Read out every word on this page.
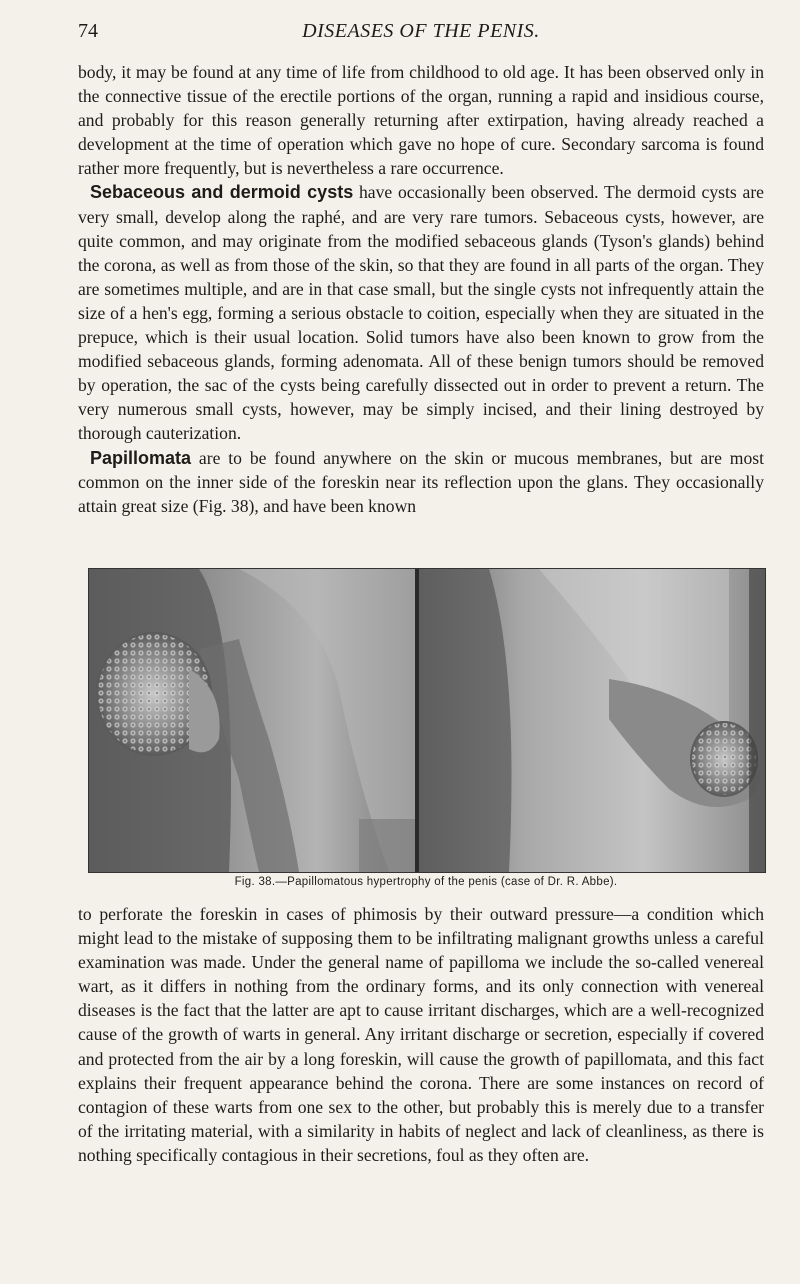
74	DISEASES OF THE PENIS.

body, it may be found at any time of life from childhood to old age. It has been observed only in the connective tissue of the erectile portions of the organ, running a rapid and insidious course, and probably for this reason generally returning after extirpation, having already reached a development at the time of operation which gave no hope of cure. Secondary sarcoma is found rather more frequently, but is nevertheless a rare occurrence.

Sebaceous and dermoid cysts have occasionally been observed. The dermoid cysts are very small, develop along the raphé, and are very rare tumors. Sebaceous cysts, however, are quite common, and may originate from the modified sebaceous glands (Tyson's glands) behind the corona, as well as from those of the skin, so that they are found in all parts of the organ. They are sometimes multiple, and are in that case small, but the single cysts not infrequently attain the size of a hen's egg, forming a serious obstacle to coition, especially when they are situated in the prepuce, which is their usual location. Solid tumors have also been known to grow from the modified sebaceous glands, forming adenomata. All of these benign tumors should be removed by operation, the sac of the cysts being carefully dissected out in order to prevent a return. The very numerous small cysts, however, may be simply incised, and their lining destroyed by thorough cauterization.

Papillomata are to be found anywhere on the skin or mucous membranes, but are most common on the inner side of the foreskin near its reflection upon the glans. They occasionally attain great size (Fig. 38), and have been known

Fig. 38.—Papillomatous hypertrophy of the penis (case of Dr. R. Abbe).

to perforate the foreskin in cases of phimosis by their outward pressure—a condition which might lead to the mistake of supposing them to be infiltrating malignant growths unless a careful examination was made. Under the general name of papilloma we include the so-called venereal wart, as it differs in nothing from the ordinary forms, and its only connection with venereal diseases is the fact that the latter are apt to cause irritant discharges, which are a well-recognized cause of the growth of warts in general. Any irritant discharge or secretion, especially if covered and protected from the air by a long foreskin, will cause the growth of papillomata, and this fact explains their frequent appearance behind the corona. There are some instances on record of contagion of these warts from one sex to the other, but probably this is merely due to a transfer of the irritating material, with a similarity in habits of neglect and lack of cleanliness, as there is nothing specifically contagious in their secretions, foul as they often are.
